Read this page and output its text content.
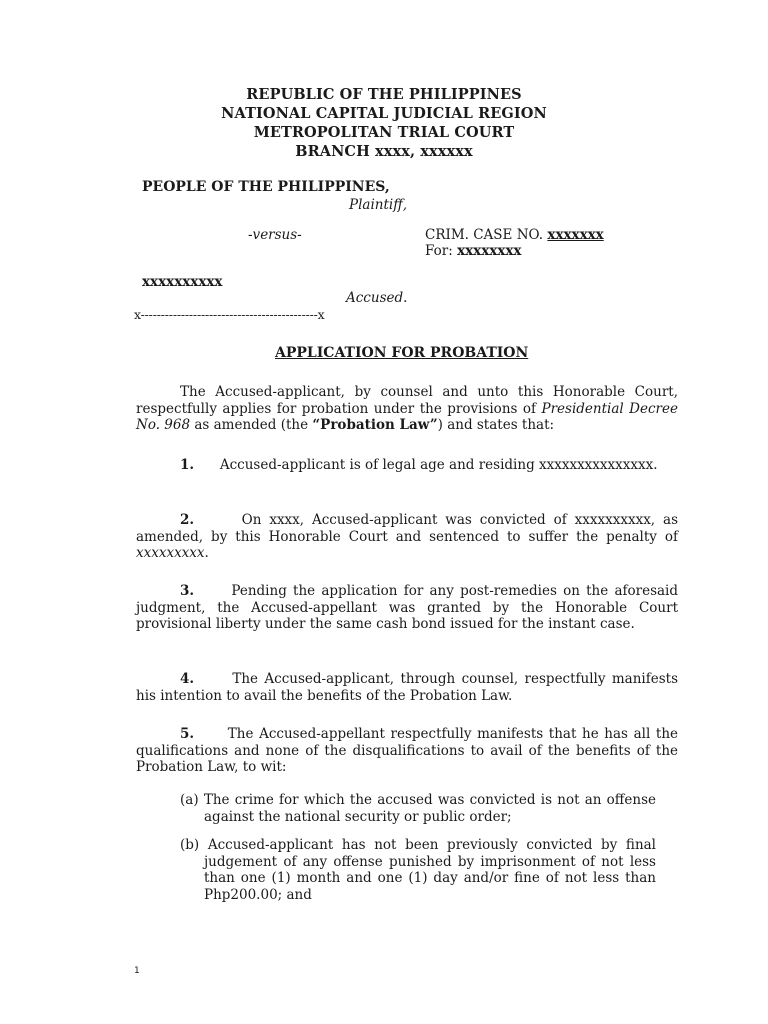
REPUBLIC OF THE PHILIPPINES
NATIONAL CAPITAL JUDICIAL REGION
METROPOLITAN TRIAL COURT
BRANCH xxxx, xxxxxx
PEOPLE OF THE PHILIPPINES,
Plaintiff,
-versus-	CRIM. CASE NO. xxxxxxx
For: xxxxxxxx
xxxxxxxxxx
Accused.
x--------------------------------------------x
APPLICATION FOR PROBATION
The Accused-applicant, by counsel and unto this Honorable Court, respectfully applies for probation under the provisions of Presidential Decree No. 968 as amended (the “Probation Law”) and states that:
1. Accused-applicant is of legal age and residing xxxxxxxxxxxxxxx.
2.	On xxxx, Accused-applicant was convicted of xxxxxxxxxx, as amended, by this Honorable Court and sentenced to suffer the penalty of xxxxxxxxx.
3.	Pending the application for any post-remedies on the aforesaid judgment, the Accused-appellant was granted by the Honorable Court provisional liberty under the same cash bond issued for the instant case.
4.	The Accused-applicant, through counsel, respectfully manifests his intention to avail the benefits of the Probation Law.
5. The Accused-appellant respectfully manifests that he has all the qualifications and none of the disqualifications to avail of the benefits of the Probation Law, to wit:
(a) The crime for which the accused was convicted is not an offense against the national security or public order;
(b) Accused-applicant has not been previously convicted by final judgement of any offense punished by imprisonment of not less than one (1) month and one (1) day and/or fine of not less than Php200.00; and
1
